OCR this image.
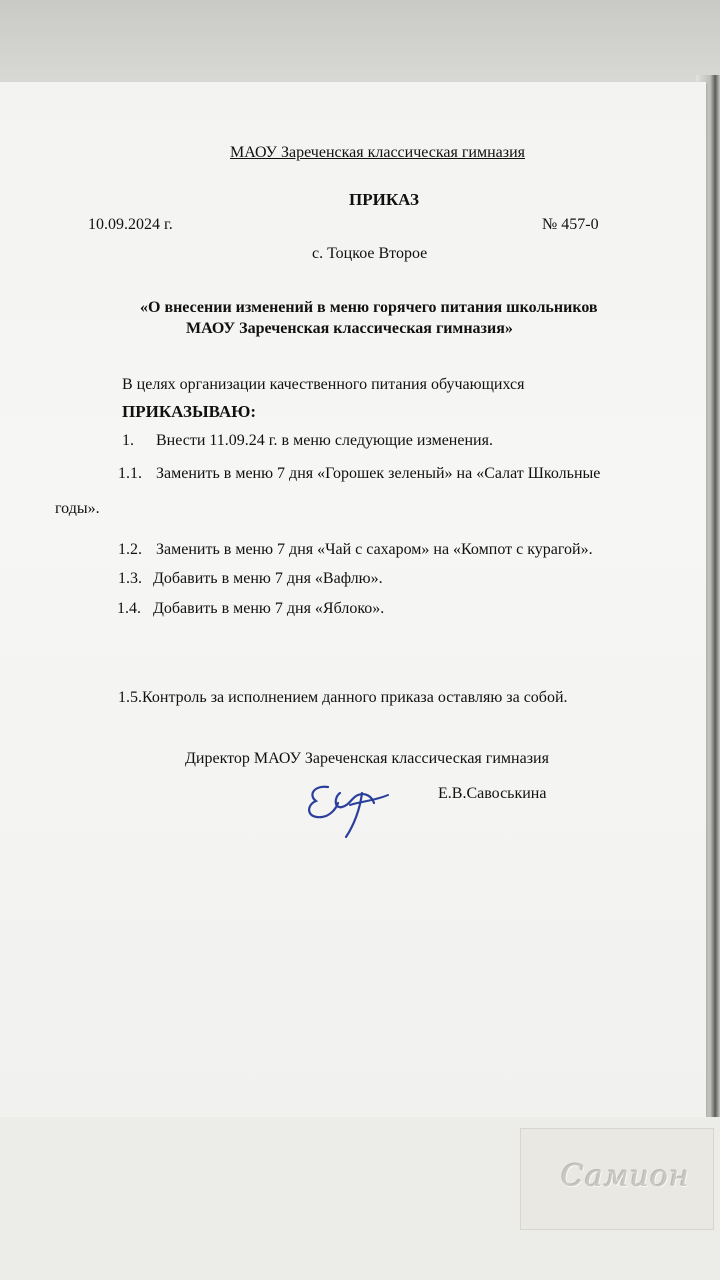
МАОУ Зареченская классическая гимназия
ПРИКАЗ
10.09.2024 г.	№ 457-0
с. Тоцкое Второе
«О внесении изменений в меню горячего питания школьников
МАОУ Зареченская классическая гимназия»
В целях организации качественного питания обучающихся
ПРИКАЗЫВАЮ:
1. Внести 11.09.24 г. в меню следующие изменения.
1.1. Заменить в меню 7 дня «Горошек зеленый» на «Салат Школьные
годы».
1.2. Заменить в меню 7 дня «Чай с сахаром» на «Компот с курагой».
1.3. Добавить в меню 7 дня «Вафлю».
1.4. Добавить в меню 7 дня «Яблоко».
1.5.Контроль за исполнением данного приказа оставляю за собой.
Директор МАОУ Зареченская классическая гимназия
Е.В.Савоськина
Cамион
